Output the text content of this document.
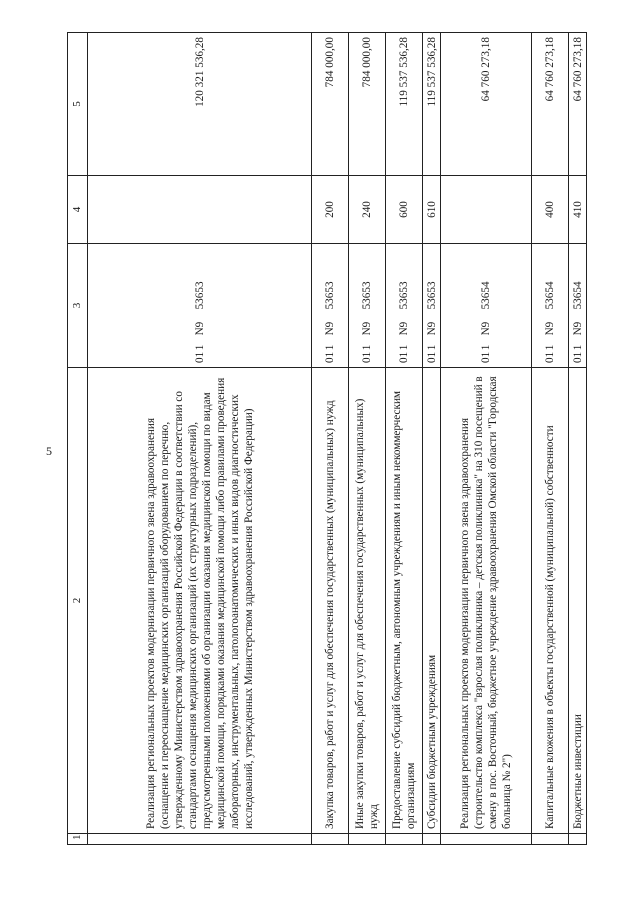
5
1	2	3	4	5
	Реализация региональных проектов модернизации первичного звена здравоохранения (оснащение и переоснащение медицинских организаций оборудованием по перечню, утвержденному Министерством здравоохранения Российской Федерации в соответствии со стандартами оснащения медицинских организаций (их структурных подразделений), предусмотренными положениями об организации оказания медицинской помощи по видам медицинской помощи, порядками оказания медицинской помощи либо правилами проведения лабораторных, инструментальных, патологоанатомических и иных видов диагностических исследований, утвержденных Министерством здравоохранения Российской Федерации)	01 1 N953653		120 321 536,28
	Закупка товаров, работ и услуг для обеспечения государственных (муниципальных) нужд	01 1 N953653	200	784 000,00
	Иные закупки товаров, работ и услуг для обеспечения государственных (муниципальных) нужд	01 1 N953653	240	784 000,00
	Предоставление субсидий бюджетным, автономным учреждениям и иным некоммерческим организациям	01 1 N953653	600	119 537 536,28
	Субсидии бюджетным учреждениям	01 1 N953653	610	119 537 536,28
	Реализация региональных проектов модернизации первичного звена здравоохранения (строительство комплекса "взрослая поликлиника – детская поликлиника" на 310 посещений в смену в пос. Восточный, бюджетное учреждение здравоохранения Омской области "Городская больница № 2")	01 1 N953654		64 760 273,18
	Капитальные вложения в объекты государственной (муниципальной) собственности	01 1 N953654	400	64 760 273,18
	Бюджетные инвестиции	01 1 N953654	410	64 760 273,18
